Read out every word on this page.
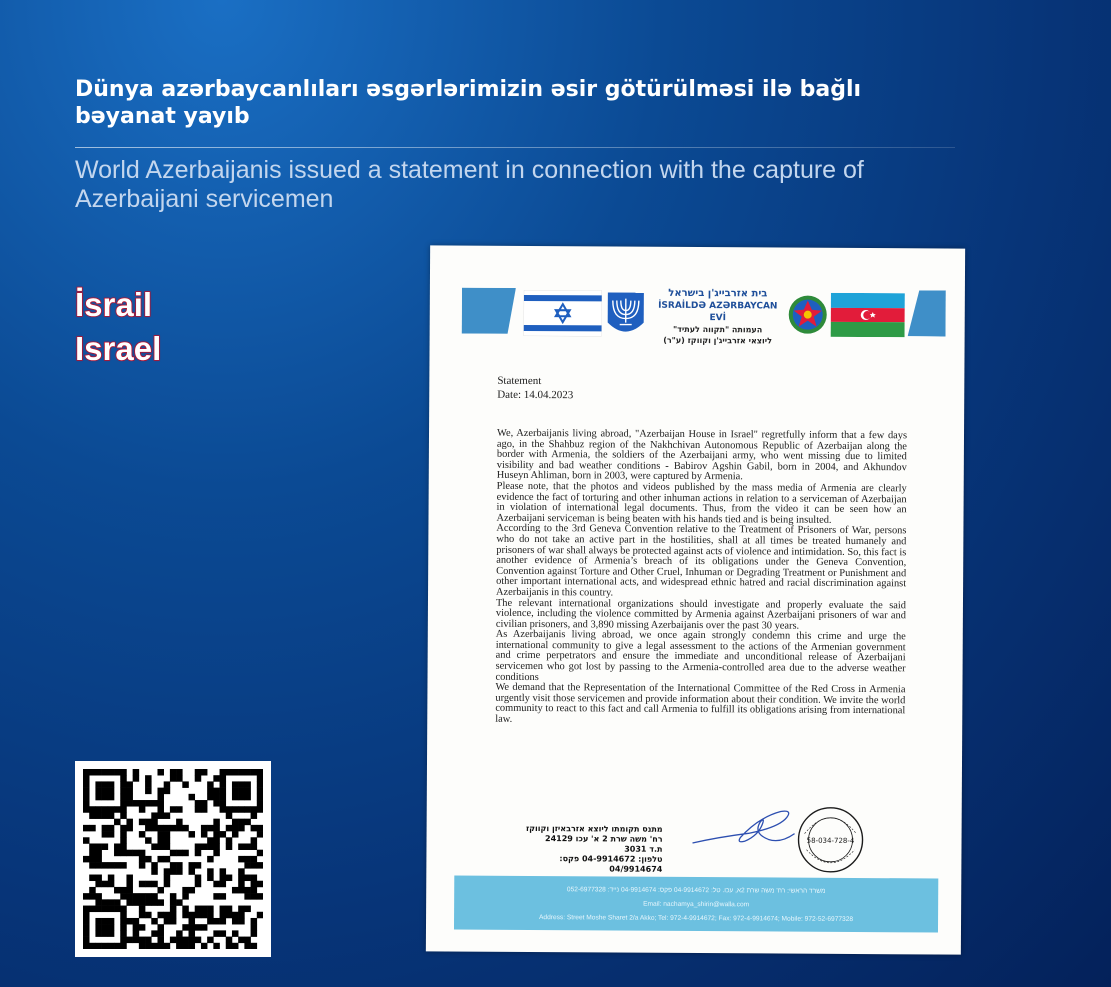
Dünya azərbaycanlıları əsgərlərimizin əsir götürülməsi ilə bağlı bəyanat yayıb
World Azerbaijanis issued a statement in connection with the capture of Azerbaijani servicemen
İsrail
Israel
בית אזרבייג'ן בישראל
İSRAİLDƏ AZƏRBAYCAN EVİ
העמותה "תקווה לעתיד"
ליוצאי אזרבייג'ן וקווקז (ע"ר)
Statement
Date: 14.04.2023

We, Azerbaijanis living abroad, "Azerbaijan House in Israel" regretfully inform that a few days ago, in the Shahbuz region of the Nakhchivan Autonomous Republic of Azerbaijan along the border with Armenia, the soldiers of the Azerbaijani army, who went missing due to limited visibility and bad weather conditions - Babirov Agshin Gabil, born in 2004, and Akhundov Huseyn Ahliman, born in 2003, were captured by Armenia.

Please note, that the photos and videos published by the mass media of Armenia are clearly evidence the fact of torturing and other inhuman actions in relation to a serviceman of Azerbaijan in violation of international legal documents. Thus, from the video it can be seen how an Azerbaijani serviceman is being beaten with his hands tied and is being insulted.

According to the 3rd Geneva Convention relative to the Treatment of Prisoners of War, persons who do not take an active part in the hostilities, shall at all times be treated humanely and prisoners of war shall always be protected against acts of violence and intimidation. So, this fact is another evidence of Armenia’s breach of its obligations under the Geneva Convention, Convention against Torture and Other Cruel, Inhuman or Degrading Treatment or Punishment and other important international acts, and widespread ethnic hatred and racial discrimination against Azerbaijanis in this country.

The relevant international organizations should investigate and properly evaluate the said violence, including the violence committed by Armenia against Azerbaijani prisoners of war and civilian prisoners, and 3,890 missing Azerbaijanis over the past 30 years.

As Azerbaijanis living abroad, we once again strongly condemn this crime and urge the international community to give a legal assessment to the actions of the Armenian government and crime perpetrators and ensure the immediate and unconditional release of Azerbaijani servicemen who got lost by passing to the Armenia-controlled area due to the adverse weather conditions

We demand that the Representation of the International Committee of the Red Cross in Armenia urgently visit those servicemen and provide information about their condition. We invite the world community to react to this fact and call Armenia to fulfill its obligations arising from international law.

מתנס תקומתו ליוצא אזרבאיזן וקווקז
רח' משה שרת 2 א' עכו 24129
ת.ד 3031
טלפון: 04-9914672 פקס: 04/9914674
58-034-728-4
משרד הראשי: רח' משה שרת 2א, עכו. טל: 04-9914672 פקס: 04-9914674 נייד: 052-6977328
Email: nachamya_shirin@walla.com
Address: Street Moshe Sharet 2/a Akko; Tel: 972-4-9914672; Fax: 972-4-9914674; Mobile: 972-52-6977328
